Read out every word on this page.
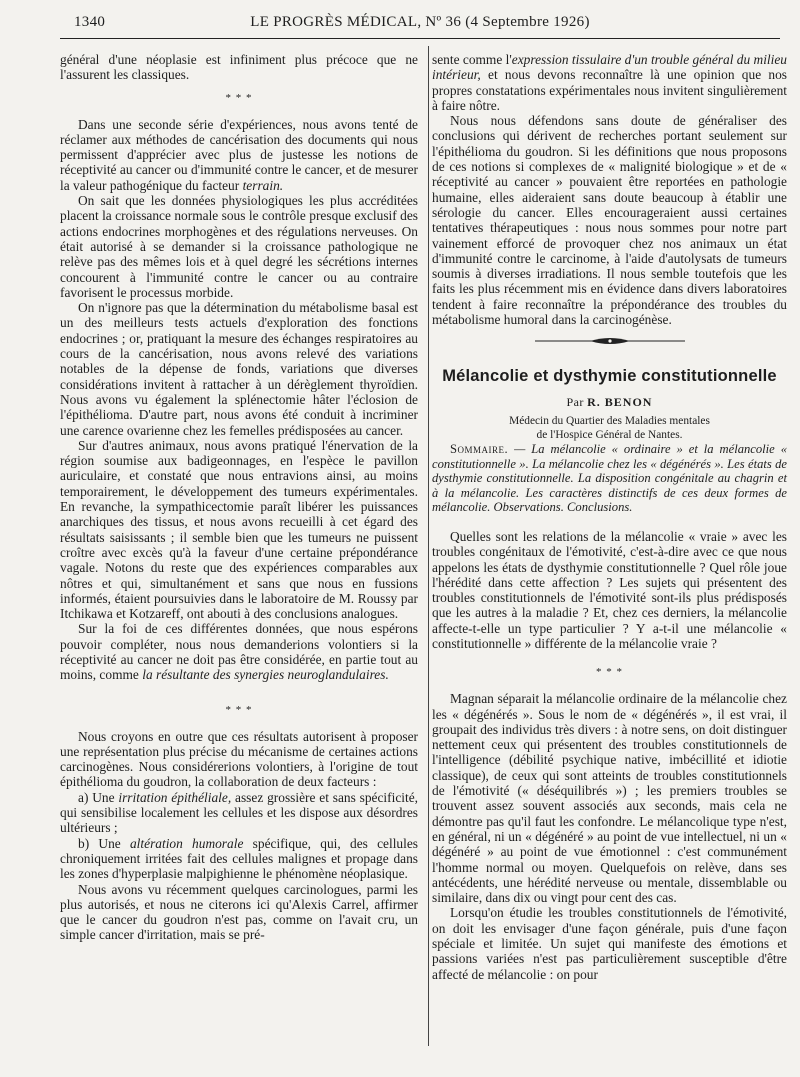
1340	LE PROGRÈS MÉDICAL, Nº 36 (4 Septembre 1926)

général d'une néoplasie est infiniment plus précoce que ne l'assurent les classiques.

* * *

Dans une seconde série d'expériences, nous avons tenté de réclamer aux méthodes de cancérisation des documents qui nous permissent d'apprécier avec plus de justesse les notions de réceptivité au cancer ou d'immunité contre le cancer, et de mesurer la valeur pathogénique du facteur terrain.

On sait que les données physiologiques les plus accréditées placent la croissance normale sous le contrôle presque exclusif des actions endocrines morphogènes et des régulations nerveuses. On était autorisé à se demander si la croissance pathologique ne relève pas des mêmes lois et à quel degré les sécrétions internes concourent à l'immunité contre le cancer ou au contraire favorisent le processus morbide.

On n'ignore pas que la détermination du métabolisme basal est un des meilleurs tests actuels d'exploration des fonctions endocrines ; or, pratiquant la mesure des échanges respiratoires au cours de la cancérisation, nous avons relevé des variations notables de la dépense de fonds, variations que diverses considérations invitent à rattacher à un dérèglement thyroïdien. Nous avons vu également la splénectomie hâter l'éclosion de l'épithélioma. D'autre part, nous avons été conduit à incriminer une carence ovarienne chez les femelles prédisposées au cancer.

Sur d'autres animaux, nous avons pratiqué l'énervation de la région soumise aux badigeonnages, en l'espèce le pavillon auriculaire, et constaté que nous entravions ainsi, au moins temporairement, le développement des tumeurs expérimentales. En revanche, la sympathicectomie paraît libérer les puissances anarchiques des tissus, et nous avons recueilli à cet égard des résultats saisissants ; il semble bien que les tumeurs ne puissent croître avec excès qu'à la faveur d'une certaine prépondérance vagale. Notons du reste que des expériences comparables aux nôtres et qui, simultanément et sans que nous en fussions informés, étaient poursuivies dans le laboratoire de M. Roussy par Itchikawa et Kotzareff, ont abouti à des conclusions analogues.

Sur la foi de ces différentes données, que nous espérons pouvoir compléter, nous nous demanderions volontiers si la réceptivité au cancer ne doit pas être considérée, en partie tout au moins, comme la résultante des synergies neuroglandulaires.

* * *

Nous croyons en outre que ces résultats autorisent à proposer une représentation plus précise du mécanisme de certaines actions carcinogènes. Nous considérerions volontiers, à l'origine de tout épithélioma du goudron, la collaboration de deux facteurs :

a) Une irritation épithéliale, assez grossière et sans spécificité, qui sensibilise localement les cellules et les dispose aux désordres ultérieurs ;

b) Une altération humorale spécifique, qui, des cellules chroniquement irritées fait des cellules malignes et propage dans les zones d'hyperplasie malpighienne le phénomène néoplasique.

Nous avons vu récemment quelques carcinologues, parmi les plus autorisés, et nous ne citerons ici qu'Alexis Carrel, affirmer que le cancer du goudron n'est pas, comme on l'avait cru, un simple cancer d'irritation, mais se pré-

sente comme l'expression tissulaire d'un trouble général du milieu intérieur, et nous devons reconnaître là une opinion que nos propres constatations expérimentales nous invitent singulièrement à faire nôtre.

Nous nous défendons sans doute de généraliser des conclusions qui dérivent de recherches portant seulement sur l'épithélioma du goudron. Si les définitions que nous proposons de ces notions si complexes de « malignité biologique » et de « réceptivité au cancer » pouvaient être reportées en pathologie humaine, elles aideraient sans doute beaucoup à établir une sérologie du cancer. Elles encourageraient aussi certaines tentatives thérapeutiques : nous nous sommes pour notre part vainement efforcé de provoquer chez nos animaux un état d'immunité contre le carcinome, à l'aide d'autolysats de tumeurs soumis à diverses irradiations. Il nous semble toutefois que les faits les plus récemment mis en évidence dans divers laboratoires tendent à faire reconnaître la prépondérance des troubles du métabolisme humoral dans la carcinogénèse.

Mélancolie et dysthymie constitutionnelle
Par R. BENON
Médecin du Quartier des Maladies mentales
de l'Hospice Général de Nantes.

Sommaire. — La mélancolie « ordinaire » et la mélancolie « constitutionnelle ». La mélancolie chez les « dégénérés ». Les états de dysthymie constitutionnelle. La disposition congénitale au chagrin et à la mélancolie. Les caractères distinctifs de ces deux formes de mélancolie. Observations. Conclusions.

Quelles sont les relations de la mélancolie « vraie » avec les troubles congénitaux de l'émotivité, c'est-à-dire avec ce que nous appelons les états de dysthymie constitutionnelle ? Quel rôle joue l'hérédité dans cette affection ? Les sujets qui présentent des troubles constitutionnels de l'émotivité sont-ils plus prédisposés que les autres à la maladie ? Et, chez ces derniers, la mélancolie affecte-t-elle un type particulier ? Y a-t-il une mélancolie « constitutionnelle » différente de la mélancolie vraie ?

* * *

Magnan séparait la mélancolie ordinaire de la mélancolie chez les « dégénérés ». Sous le nom de « dégénérés », il est vrai, il groupait des individus très divers : à notre sens, on doit distinguer nettement ceux qui présentent des troubles constitutionnels de l'intelligence (débilité psychique native, imbécillité et idiotie classique), de ceux qui sont atteints de troubles constitutionnels de l'émotivité (« déséquilibrés ») ; les premiers troubles se trouvent assez souvent associés aux seconds, mais cela ne démontre pas qu'il faut les confondre. Le mélancolique type n'est, en général, ni un « dégénéré » au point de vue intellectuel, ni un « dégénéré » au point de vue émotionnel : c'est communément l'homme normal ou moyen. Quelquefois on relève, dans ses antécédents, une hérédité nerveuse ou mentale, dissemblable ou similaire, dans dix ou vingt pour cent des cas.

Lorsqu'on étudie les troubles constitutionnels de l'émotivité, on doit les envisager d'une façon générale, puis d'une façon spéciale et limitée. Un sujet qui manifeste des émotions et passions variées n'est pas particulièrement susceptible d'être affecté de mélancolie : on pour
